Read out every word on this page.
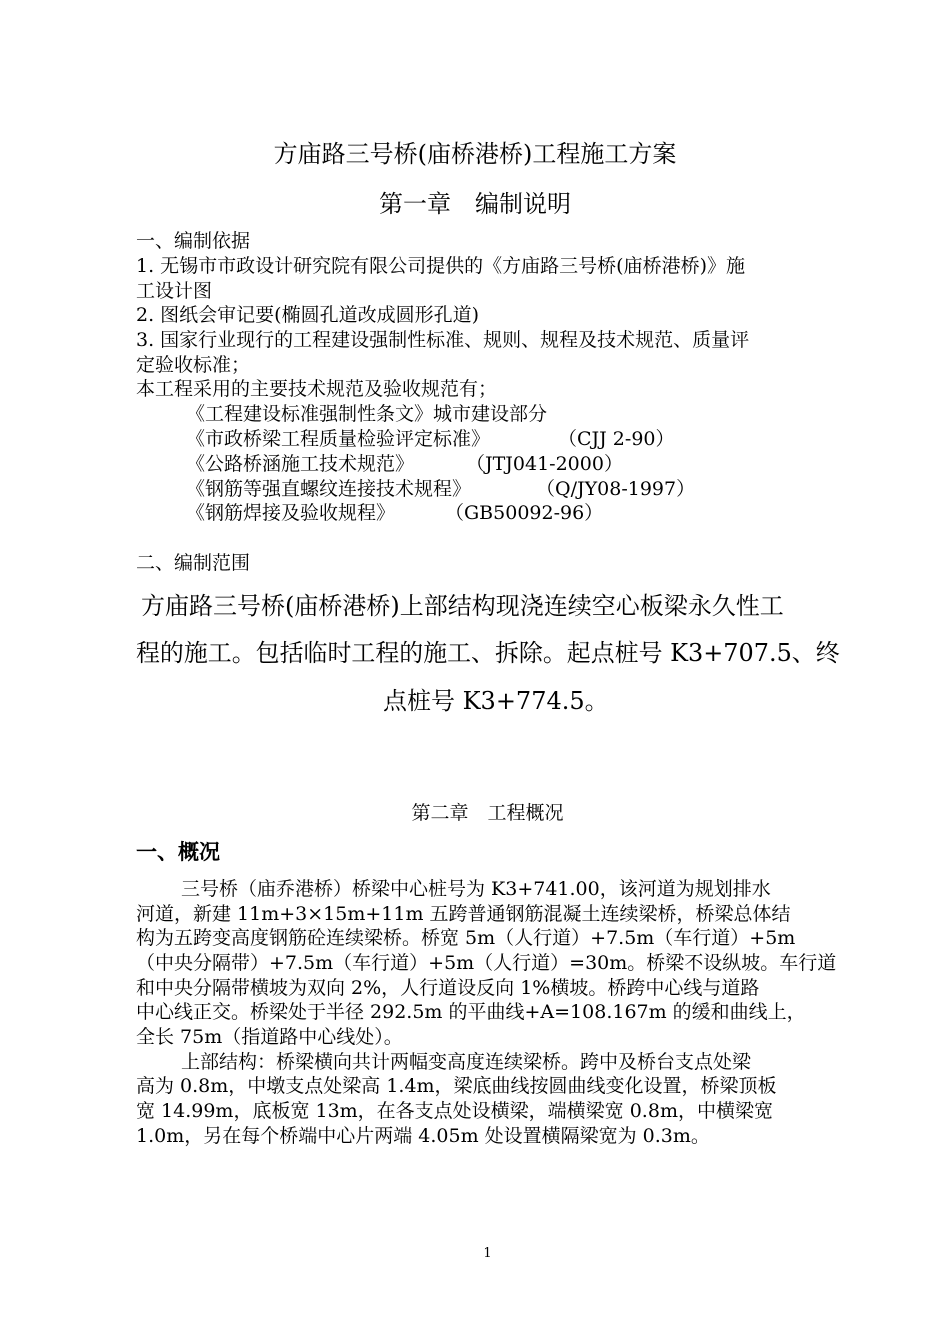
方庙路三号桥(庙桥港桥)工程施工方案
第一章　编制说明
一、编制依据
1. 无锡市市政设计研究院有限公司提供的《方庙路三号桥(庙桥港桥)》施
工设计图
2. 图纸会审记要(椭圆孔道改成圆形孔道)
3. 国家行业现行的工程建设强制性标准、规则、规程及技术规范、质量评
定验收标准；
本工程采用的主要技术规范及验收规范有；
《工程建设标准强制性条文》城市建设部分
《市政桥梁工程质量检验评定标准》	（CJJ 2-90）
《公路桥涵施工技术规范》	（JTJ041-2000）
《钢筋等强直螺纹连接技术规程》	（Q/JY08-1997）
《钢筋焊接及验收规程》	（GB50092-96）
二、编制范围
方庙路三号桥(庙桥港桥)上部结构现浇连续空心板梁永久性工
程的施工。包括临时工程的施工、拆除。起点桩号 K3+707.5、终
点桩号 K3+774.5。
第二章　工程概况
一、概况
三号桥（庙乔港桥）桥梁中心桩号为 K3+741.00，该河道为规划排水
河道，新建 11m+3×15m+11m 五跨普通钢筋混凝土连续梁桥，桥梁总体结
构为五跨变高度钢筋砼连续梁桥。桥宽 5m（人行道）+7.5m（车行道）+5m
（中央分隔带）+7.5m（车行道）+5m（人行道）=30m。桥梁不设纵坡。车行道
和中央分隔带横坡为双向 2%，人行道设反向 1%横坡。桥跨中心线与道路
中心线正交。桥梁处于半径 292.5m 的平曲线+A=108.167m 的缓和曲线上，
全长 75m（指道路中心线处）。
上部结构：桥梁横向共计两幅变高度连续梁桥。跨中及桥台支点处梁
高为 0.8m，中墩支点处梁高 1.4m，梁底曲线按圆曲线变化设置，桥梁顶板
宽 14.99m，底板宽 13m，在各支点处设横梁，端横梁宽 0.8m，中横梁宽
1.0m，另在每个桥端中心片两端 4.05m 处设置横隔梁宽为 0.3m。
1
